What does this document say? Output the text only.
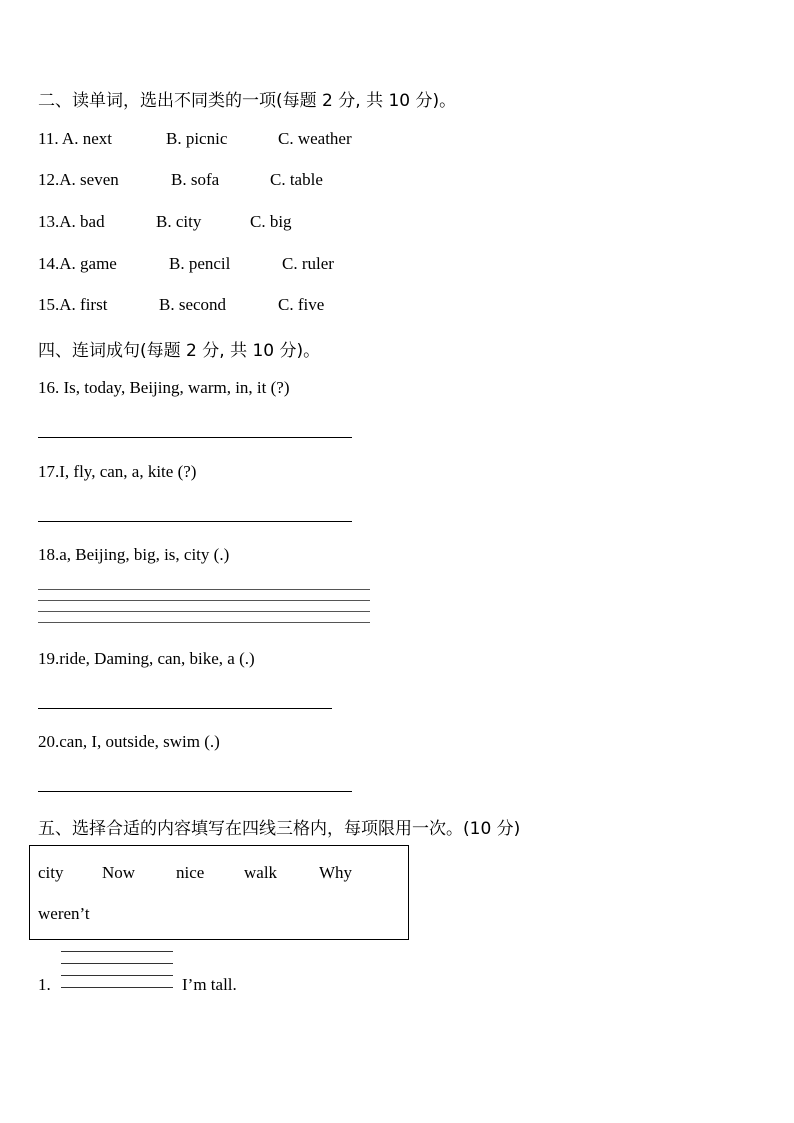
二、读单词，选出不同类的一项(每题 2 分, 共 10 分)。
11. A. next	B. picnic	C. weather
12.A. seven	B. sofa	C. table
13.A. bad	B. city	C. big
14.A. game	B. pencil	C. ruler
15.A. first	B. second	C. five
四、连词成句(每题 2 分, 共 10 分)。
16. Is, today, Beijing, warm, in, it (?)
17.I, fly, can, a, kite (?)
18.a, Beijing, big, is, city (.)
19.ride, Daming, can, bike, a (.)
20.can, I, outside, swim (.)
五、选择合适的内容填写在四线三格内，每项限用一次。(10 分)
city Now nice walk Why
weren’t
1.	I’m tall.
